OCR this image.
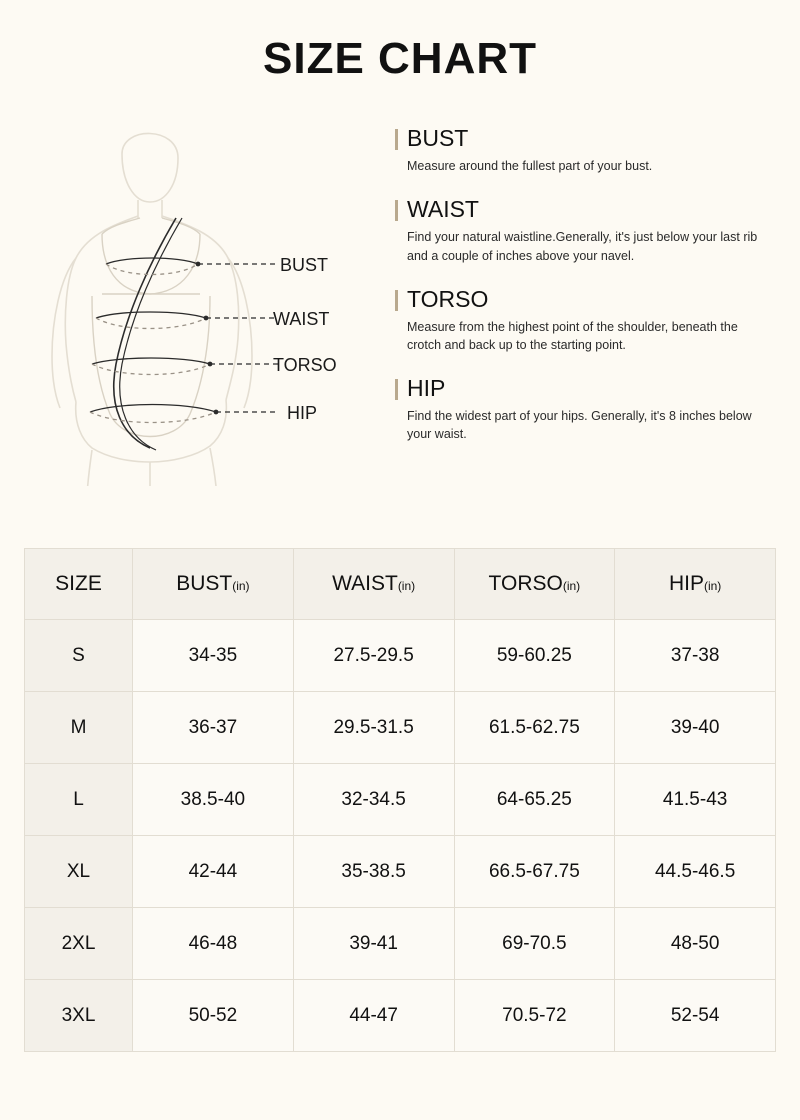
SIZE CHART
BUST
WAIST
TORSO
HIP
BUST
Measure around the fullest part of your bust.
WAIST
Find your natural waistline.Generally, it's just below your last rib and a couple of inches above your navel.
TORSO
Measure from the highest point of the shoulder, beneath the crotch and back up to the starting point.
HIP
Find the widest part of your hips. Generally, it's 8 inches below your waist.
SIZE	BUST(in)	WAIST(in)	TORSO(in)	HIP(in)
S	34-35	27.5-29.5	59-60.25	37-38
M	36-37	29.5-31.5	61.5-62.75	39-40
L	38.5-40	32-34.5	64-65.25	41.5-43
XL	42-44	35-38.5	66.5-67.75	44.5-46.5
2XL	46-48	39-41	69-70.5	48-50
3XL	50-52	44-47	70.5-72	52-54
